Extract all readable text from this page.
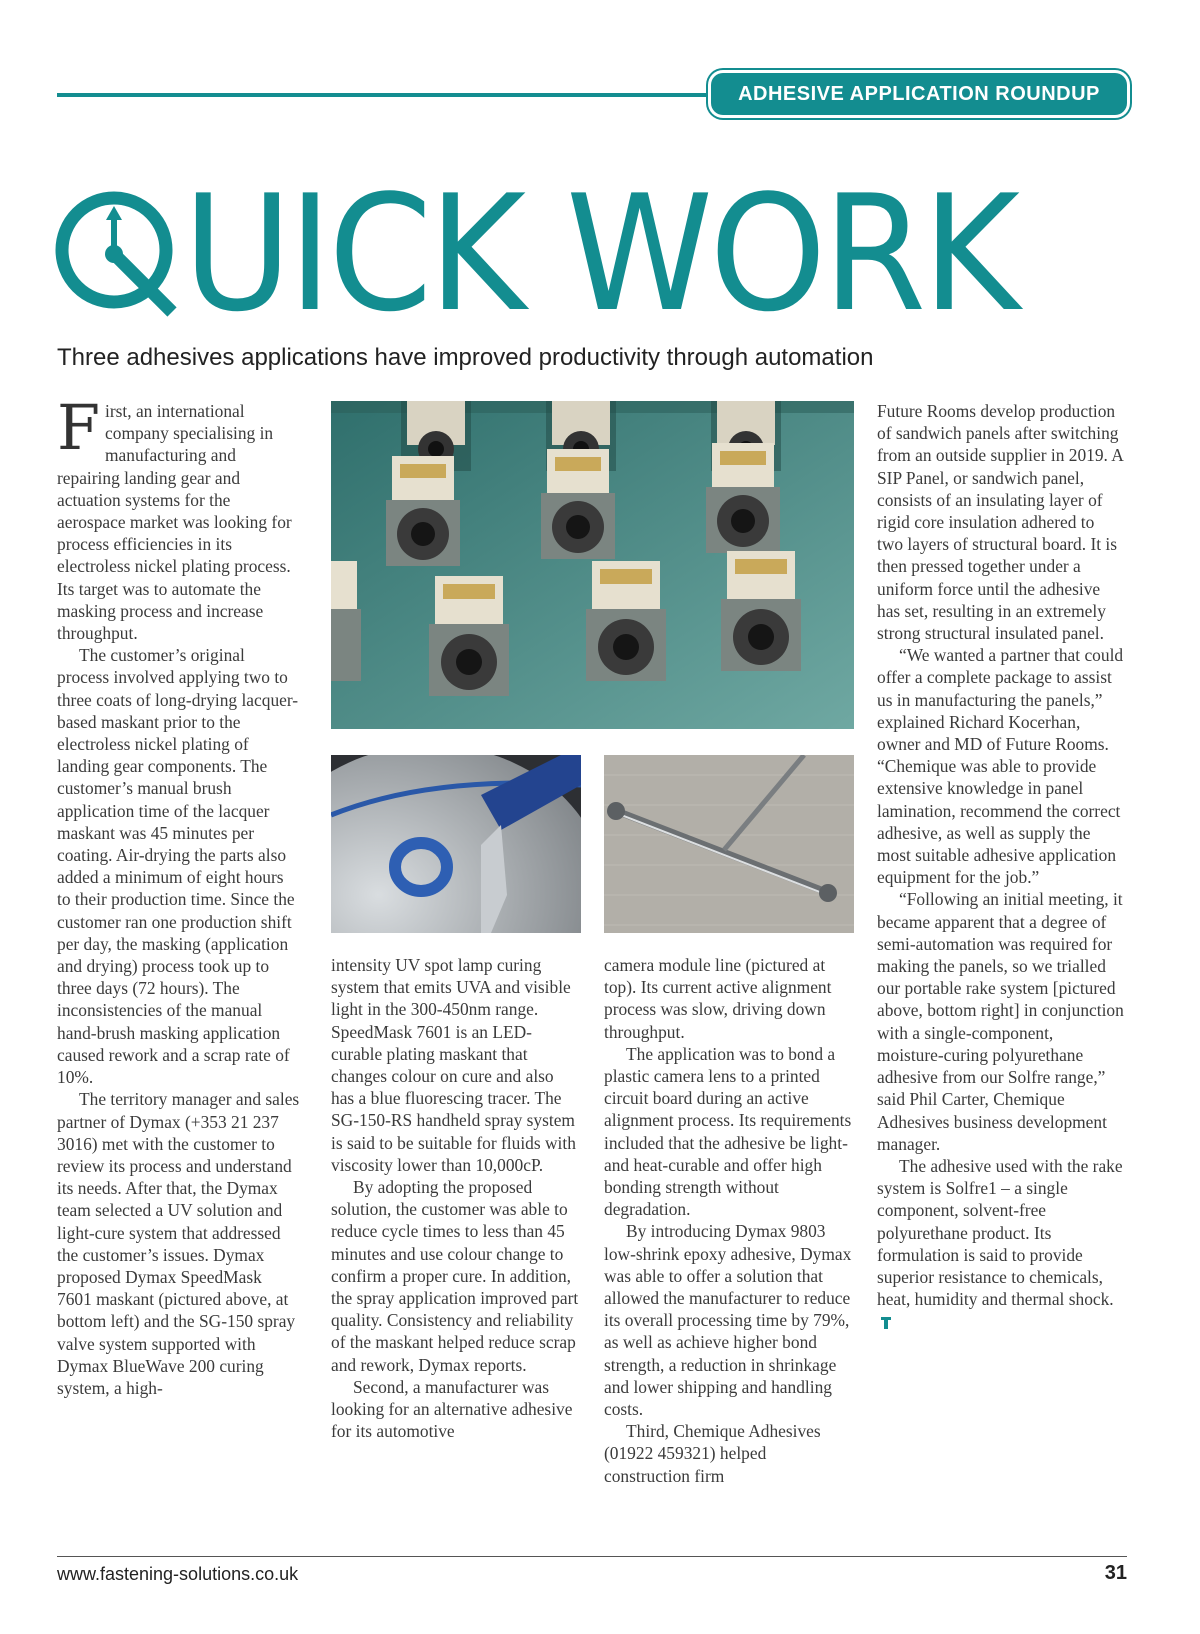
ADHESIVE APPLICATION ROUNDUP
UICK WORK
Three adhesives applications have improved productivity through automation

First, an international company specialising in manufacturing and repairing landing gear and actuation systems for the aerospace market was looking for process efficiencies in its electroless nickel plating process. Its target was to automate the masking process and increase throughput.

The customer’s original process involved applying two to three coats of long-drying lacquer-based maskant prior to the electroless nickel plating of landing gear components. The customer’s manual brush application time of the lacquer maskant was 45 minutes per coating. Air-drying the parts also added a minimum of eight hours to their production time. Since the customer ran one production shift per day, the masking (application and drying) process took up to three days (72 hours). The inconsistencies of the manual hand-brush masking application caused rework and a scrap rate of 10%.

The territory manager and sales partner of Dymax (+353 21 237 3016) met with the customer to review its process and understand its needs. After that, the Dymax team selected a UV solution and light-cure system that addressed the customer’s issues. Dymax proposed Dymax SpeedMask 7601 maskant (pictured above, at bottom left) and the SG-150 spray valve system supported with Dymax BlueWave 200 curing system, a high-

intensity UV spot lamp curing system that emits UVA and visible light in the 300-450nm range. SpeedMask 7601 is an LED-curable plating maskant that changes colour on cure and also has a blue fluorescing tracer. The SG-150-RS handheld spray system is said to be suitable for fluids with viscosity lower than 10,000cP.

By adopting the proposed solution, the customer was able to reduce cycle times to less than 45 minutes and use colour change to confirm a proper cure. In addition, the spray application improved part quality. Consistency and reliability of the maskant helped reduce scrap and rework, Dymax reports.

Second, a manufacturer was looking for an alternative adhesive for its automotive

camera module line (pictured at top). Its current active alignment process was slow, driving down throughput.

The application was to bond a plastic camera lens to a printed circuit board during an active alignment process. Its requirements included that the adhesive be light- and heat-curable and offer high bonding strength without degradation.

By introducing Dymax 9803 low-shrink epoxy adhesive, Dymax was able to offer a solution that allowed the manufacturer to reduce its overall processing time by 79%, as well as achieve higher bond strength, a reduction in shrinkage and lower shipping and handling costs.

Third, Chemique Adhesives (01922 459321) helped construction firm

Future Rooms develop production of sandwich panels after switching from an outside supplier in 2019. A SIP Panel, or sandwich panel, consists of an insulating layer of rigid core insulation adhered to two layers of structural board. It is then pressed together under a uniform force until the adhesive has set, resulting in an extremely strong structural insulated panel.

“We wanted a partner that could offer a complete package to assist us in manufacturing the panels,” explained Richard Kocerhan, owner and MD of Future Rooms. “Chemique was able to provide extensive knowledge in panel lamination, recommend the correct adhesive, as well as supply the most suitable adhesive application equipment for the job.”

“Following an initial meeting, it became apparent that a degree of semi-automation was required for making the panels, so we trialled our portable rake system [pictured above, bottom right] in conjunction with a single-component, moisture-curing polyurethane adhesive from our Solfre range,” said Phil Carter, Chemique Adhesives business development manager.

The adhesive used with the rake system is Solfre1 – a single component, solvent-free polyurethane product. Its formulation is said to provide superior resistance to chemicals, heat, humidity and thermal shock.

www.fastening-solutions.co.uk	31
